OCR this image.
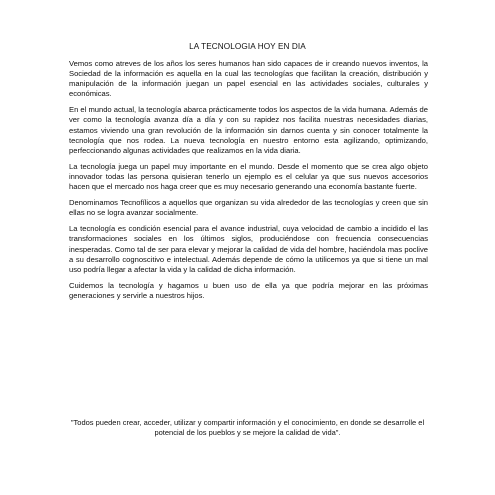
LA TECNOLOGIA HOY EN DIA

Vemos como atreves de los años los seres humanos han sido capaces de ir creando nuevos inventos, la Sociedad de la información es aquella en la cual las tecnologías que facilitan la creación, distribución y manipulación de la información juegan un papel esencial en las actividades sociales, culturales y económicas.

En el mundo actual, la tecnología abarca prácticamente todos los aspectos de la vida humana. Además de ver como la tecnología avanza día a día y con su rapidez nos facilita nuestras necesidades diarias, estamos viviendo una gran revolución de la información sin darnos cuenta y sin conocer totalmente la tecnología que nos rodea. La nueva tecnología en nuestro entorno esta agilizando, optimizando, perfeccionando algunas actividades que realizamos en la vida diaria.

La tecnología juega un papel muy importante en el mundo. Desde el momento que se crea algo objeto innovador todas las persona quisieran tenerlo un ejemplo es el celular ya que sus nuevos accesorios hacen que el mercado nos haga creer que es muy necesario generando una economía bastante fuerte.

Denominamos Tecnofílicos a aquellos que organizan su vida alrededor de las tecnologías y creen que sin ellas no se logra avanzar socialmente.

La tecnología es condición esencial para el avance industrial, cuya velocidad de cambio a incidido el las transformaciones sociales en los últimos siglos, produciéndose con frecuencia consecuencias inesperadas. Como tal de ser para elevar y mejorar la calidad de vida del hombre, haciéndola mas poclive a su desarrollo cognoscitivo e intelectual. Además depende de cómo la utilicemos ya que si tiene un mal uso podría llegar a afectar la vida y la calidad de dicha información.

Cuidemos la tecnología y hagamos u buen uso de ella ya que podría mejorar en las próximas generaciones y servirle a nuestros hijos.

"Todos pueden crear, acceder, utilizar y compartir información y el conocimiento, en donde se desarrolle el potencial de los pueblos y se mejore la calidad de vida".
